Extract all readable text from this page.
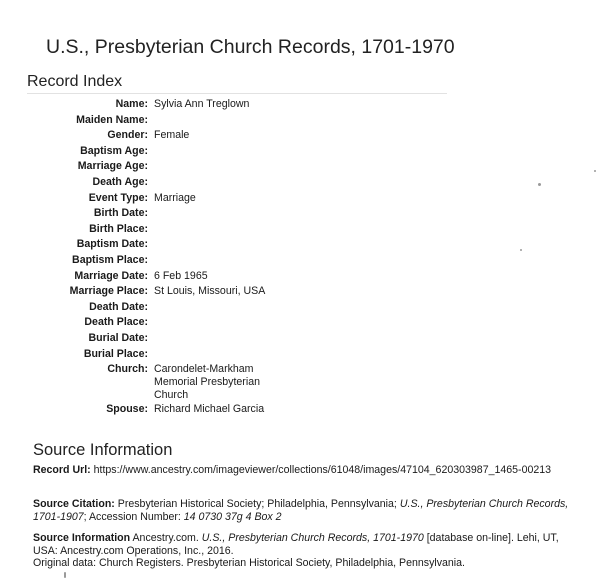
U.S., Presbyterian Church Records, 1701-1970
Record Index
Name: Sylvia Ann Treglown
Maiden Name:
Gender: Female
Baptism Age:
Marriage Age:
Death Age:
Event Type: Marriage
Birth Date:
Birth Place:
Baptism Date:
Baptism Place:
Marriage Date: 6 Feb 1965
Marriage Place: St Louis, Missouri, USA
Death Date:
Death Place:
Burial Date:
Burial Place:
Church: Carondelet-Markham Memorial Presbyterian Church
Spouse: Richard Michael Garcia
Source Information
Record Url: https://www.ancestry.com/imageviewer/collections/61048/images/47104_620303987_1465-00213
Source Citation: Presbyterian Historical Society; Philadelphia, Pennsylvania; U.S., Presbyterian Church Records, 1701-1907; Accession Number: 14 0730 37g 4 Box 2
Source Information Ancestry.com. U.S., Presbyterian Church Records, 1701-1970 [database on-line]. Lehi, UT, USA: Ancestry.com Operations, Inc., 2016.
Original data: Church Registers. Presbyterian Historical Society, Philadelphia, Pennsylvania.
